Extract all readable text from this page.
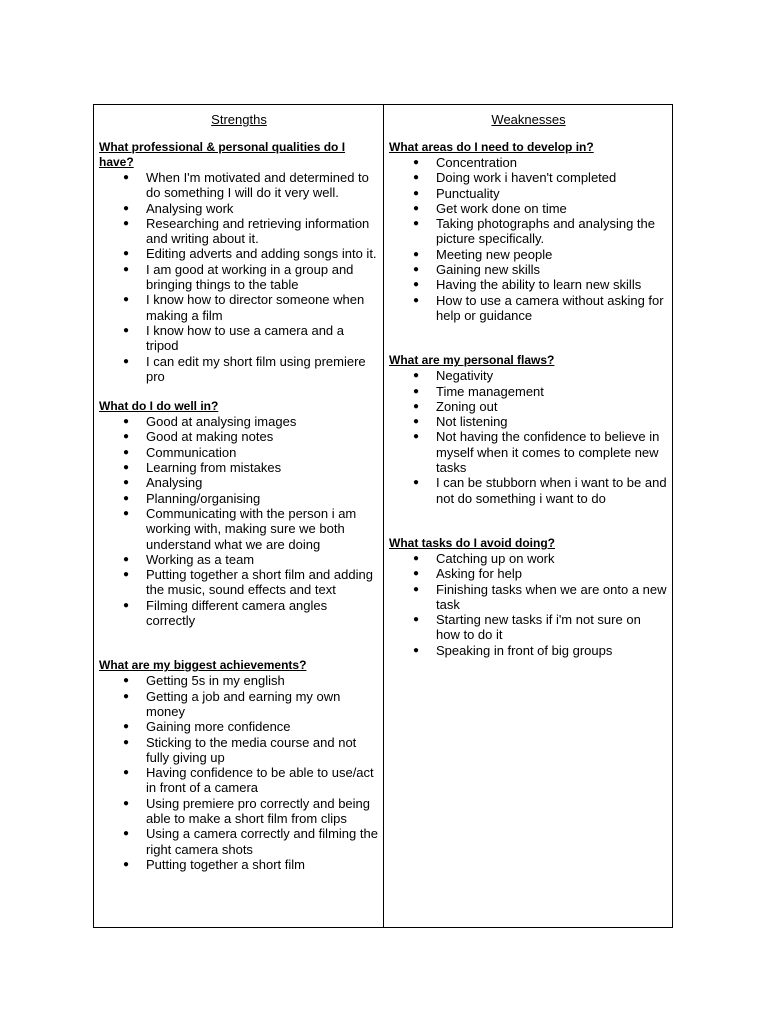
Strengths
What professional & personal qualities do I have?
● When I'm motivated and determined to do something I will do it very well.
● Analysing work
● Researching and retrieving information and writing about it.
● Editing adverts and adding songs into it.
● I am good at working in a group and bringing things to the table
● I know how to director someone when making a film
● I know how to use a camera and a tripod
● I can edit my short film using premiere pro
What do I do well in?
● Good at analysing images
● Good at making notes
● Communication
● Learning from mistakes
● Analysing
● Planning/organising
● Communicating with the person i am working with, making sure we both understand what we are doing
● Working as a team
● Putting together a short film and adding the music, sound effects and text
● Filming different camera angles correctly
What are my biggest achievements?
● Getting 5s in my english
● Getting a job and earning my own money
● Gaining more confidence
● Sticking to the media course and not fully giving up
● Having confidence to be able to use/act in front of a camera
● Using premiere pro correctly and being able to make a short film from clips
● Using a camera correctly and filming the right camera shots
● Putting together a short film
Weaknesses
What areas do I need to develop in?
● Concentration
● Doing work i haven't completed
● Punctuality
● Get work done on time
● Taking photographs and analysing the picture specifically.
● Meeting new people
● Gaining new skills
● Having the ability to learn new skills
● How to use a camera without asking for help or guidance
What are my personal flaws?
● Negativity
● Time management
● Zoning out
● Not listening
● Not having the confidence to believe in myself when it comes to complete new tasks
● I can be stubborn when i want to be and not do something i want to do
What tasks do I avoid doing?
● Catching up on work
● Asking for help
● Finishing tasks when we are onto a new task
● Starting new tasks if i'm not sure on how to do it
● Speaking in front of big groups
